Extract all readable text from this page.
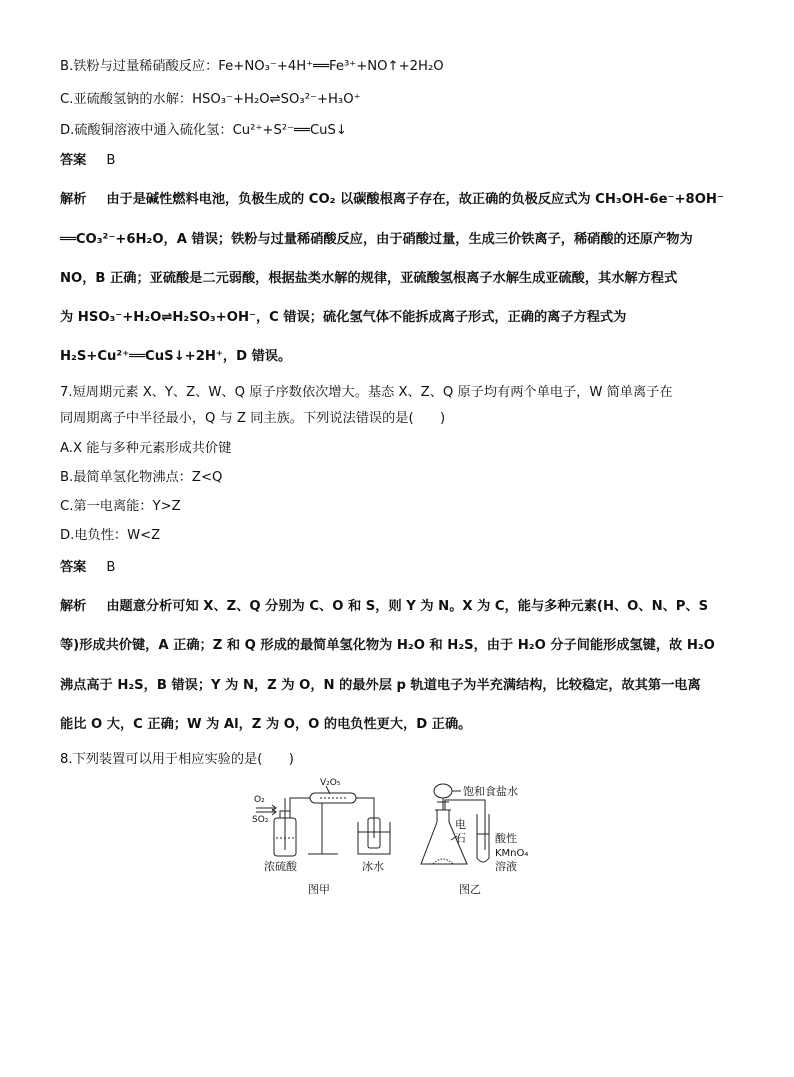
B.铁粉与过量稀硝酸反应：Fe+NO₃⁻+4H⁺══Fe³⁺+NO↑+2H₂O
C.亚硫酸氢钠的水解：HSO₃⁻+H₂O⇌SO₃²⁻+H₃O⁺
D.硫酸铜溶液中通入硫化氢：Cu²⁺+S²⁻══CuS↓
答案 B
解析 由于是碱性燃料电池，负极生成的 CO₂ 以碳酸根离子存在，故正确的负极反应式为 CH₃OH-6e⁻+8OH⁻
══CO₃²⁻+6H₂O，A 错误；铁粉与过量稀硝酸反应，由于硝酸过量，生成三价铁离子，稀硝酸的还原产物为
NO，B 正确；亚硫酸是二元弱酸，根据盐类水解的规律，亚硫酸氢根离子水解生成亚硫酸，其水解方程式
为 HSO₃⁻+H₂O⇌H₂SO₃+OH⁻，C 错误；硫化氢气体不能拆成离子形式，正确的离子方程式为
H₂S+Cu²⁺══CuS↓+2H⁺，D 错误。
7.短周期元素 X、Y、Z、W、Q 原子序数依次增大。基态 X、Z、Q 原子均有两个单电子，W 简单离子在
同周期离子中半径最小，Q 与 Z 同主族。下列说法错误的是(　　)
A.X 能与多种元素形成共价键
B.最简单氢化物沸点：Z<Q
C.第一电离能：Y>Z
D.电负性：W<Z
答案 B
解析 由题意分析可知 X、Z、Q 分别为 C、O 和 S，则 Y 为 N。X 为 C，能与多种元素(H、O、N、P、S
等)形成共价键，A 正确；Z 和 Q 形成的最简单氢化物为 H₂O 和 H₂S，由于 H₂O 分子间能形成氢键，故 H₂O
沸点高于 H₂S，B 错误；Y 为 N，Z 为 O，N 的最外层 p 轨道电子为半充满结构，比较稳定，故其第一电离
能比 O 大，C 正确；W 为 Al，Z 为 O，O 的电负性更大，D 正确。
8.下列装置可以用于相应实验的是(　　)
O₂
SO₂
V₂O₅
浓硫酸	冰水
图甲
饱和食盐水
电
石	酸性
KMnO₄
溶液
图乙
